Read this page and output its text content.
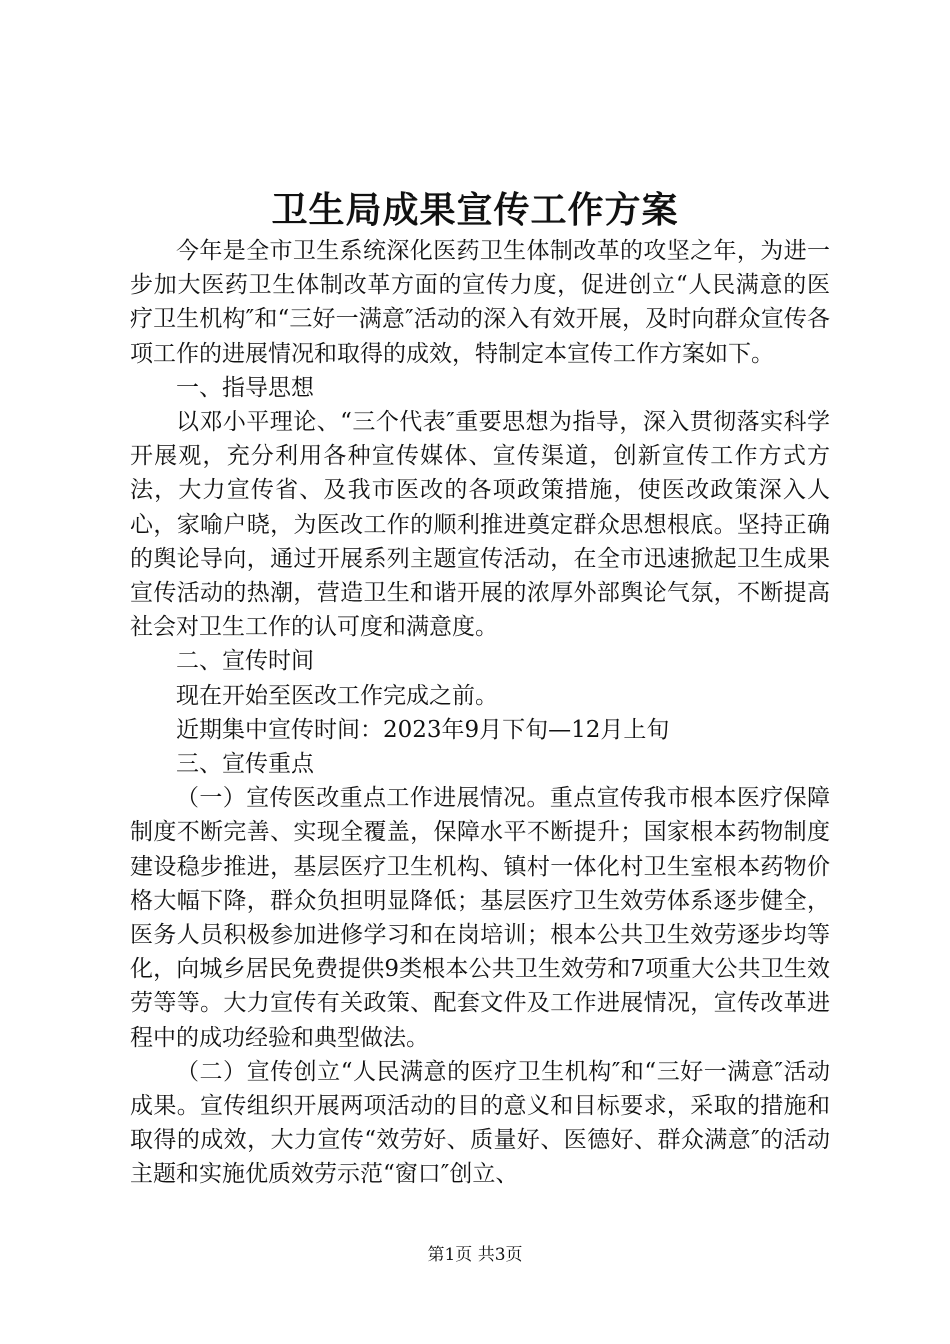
卫生局成果宣传工作方案

今年是全市卫生系统深化医药卫生体制改革的攻坚之年，为进一步加大医药卫生体制改革方面的宣传力度，促进创立“人民满意的医疗卫生机构″和“三好一满意″活动的深入有效开展，及时向群众宣传各项工作的进展情况和取得的成效，特制定本宣传工作方案如下。

一、指导思想

以邓小平理论、“三个代表″重要思想为指导，深入贯彻落实科学开展观，充分利用各种宣传媒体、宣传渠道，创新宣传工作方式方法，大力宣传省、及我市医改的各项政策措施，使医改政策深入人心，家喻户晓，为医改工作的顺利推进奠定群众思想根底。坚持正确的舆论导向，通过开展系列主题宣传活动，在全市迅速掀起卫生成果宣传活动的热潮，营造卫生和谐开展的浓厚外部舆论气氛，不断提高社会对卫生工作的认可度和满意度。

二、宣传时间

现在开始至医改工作完成之前。

近期集中宣传时间：2023年9月下旬—12月上旬

三、宣传重点

（一）宣传医改重点工作进展情况。重点宣传我市根本医疗保障制度不断完善、实现全覆盖，保障水平不断提升；国家根本药物制度建设稳步推进，基层医疗卫生机构、镇村一体化村卫生室根本药物价格大幅下降，群众负担明显降低；基层医疗卫生效劳体系逐步健全，医务人员积极参加进修学习和在岗培训；根本公共卫生效劳逐步均等化，向城乡居民免费提供9类根本公共卫生效劳和7项重大公共卫生效劳等等。大力宣传有关政策、配套文件及工作进展情况，宣传改革进程中的成功经验和典型做法。

（二）宣传创立“人民满意的医疗卫生机构″和“三好一满意″活动成果。宣传组织开展两项活动的目的意义和目标要求，采取的措施和取得的成效，大力宣传“效劳好、质量好、医德好、群众满意″的活动主题和实施优质效劳示范“窗口″创立、

第1页 共3页
